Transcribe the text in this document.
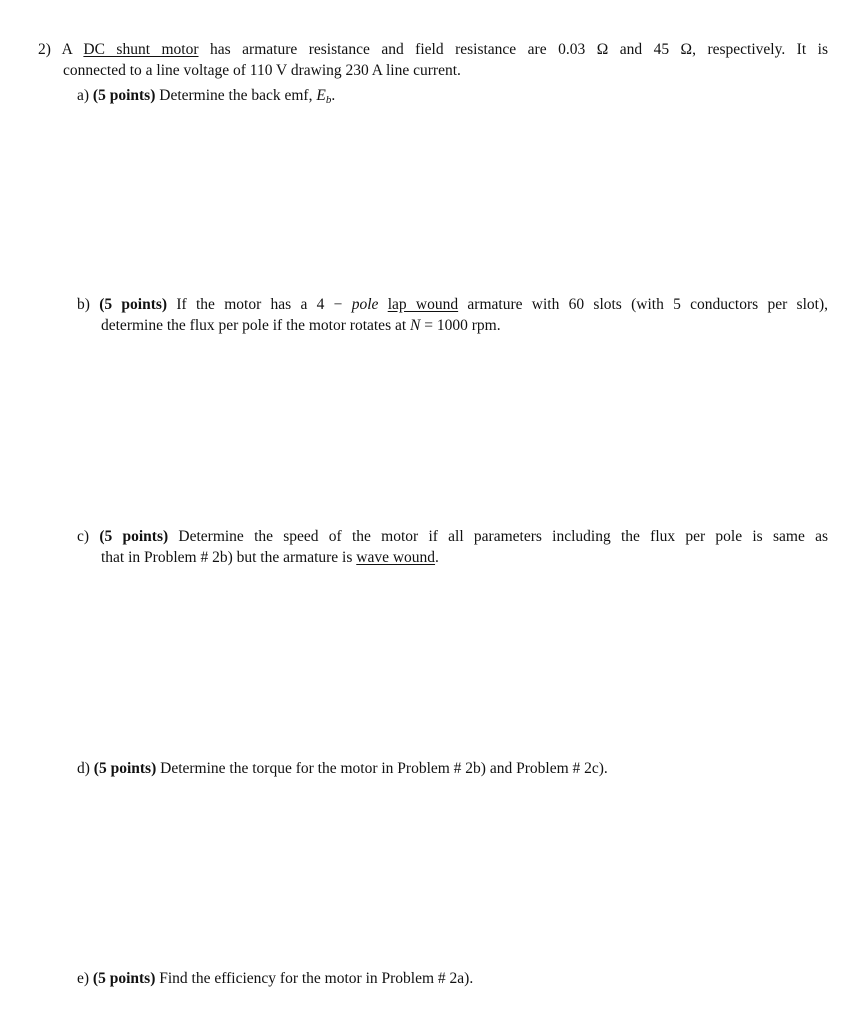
2) A DC shunt motor has armature resistance and field resistance are 0.03 Ω and 45 Ω, respectively. It is
connected to a line voltage of 110 V drawing 230 A line current.
a) (5 points) Determine the back emf, $E_b$.
b) (5 points) If the motor has a 4 − pole lap wound armature with 60 slots (with 5 conductors per slot),
determine the flux per pole if the motor rotates at N = 1000 rpm.
c) (5 points) Determine the speed of the motor if all parameters including the flux per pole is same as
that in Problem # 2b) but the armature is wave wound.
d) (5 points) Determine the torque for the motor in Problem # 2b) and Problem # 2c).
e) (5 points) Find the efficiency for the motor in Problem # 2a).
